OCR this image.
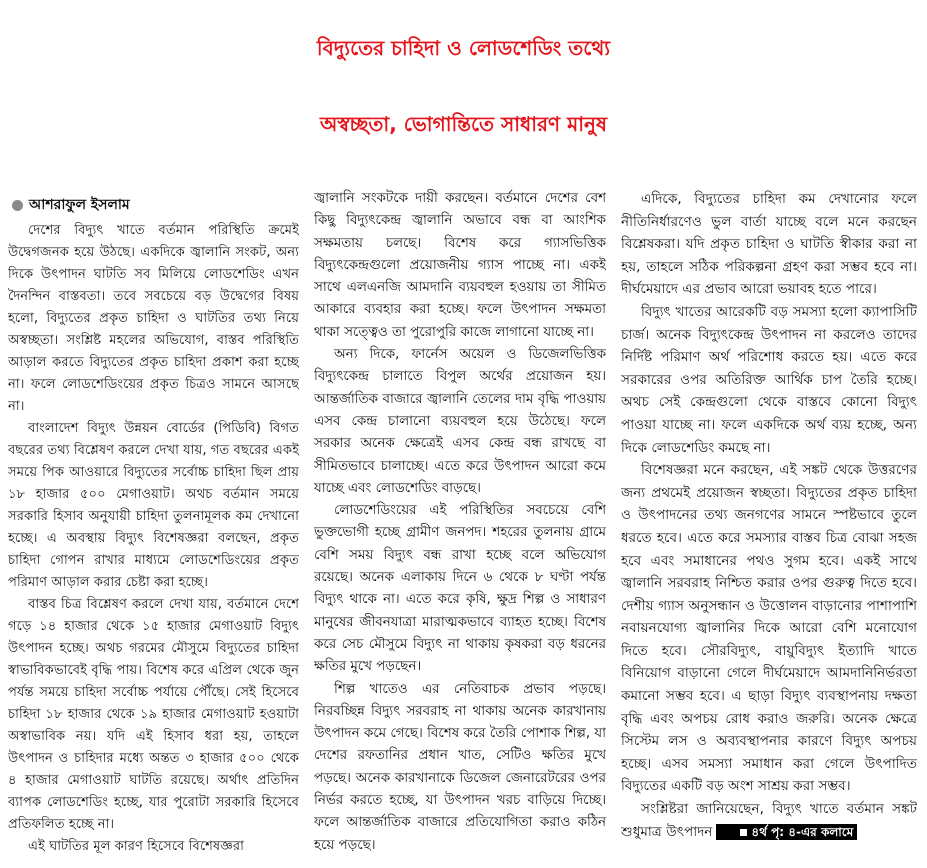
বিদ্যুতের চাহিদা ও লোডশেডিং তথ্যে
অস্বচ্ছতা, ভোগান্তিতে সাধারণ মানুষ
আশরাফুল ইসলাম

দেশের বিদ্যুৎ খাতে বর্তমান পরিস্থিতি ক্রমেই উদ্বেগজনক হয়ে উঠছে। একদিকে জ্বালানি সংকট, অন্য দিকে উৎপাদন ঘাটতি সব মিলিয়ে লোডশেডিং এখন দৈনন্দিন বাস্তবতা। তবে সবচেয়ে বড় উদ্বেগের বিষয় হলো, বিদ্যুতের প্রকৃত চাহিদা ও ঘাটতির তথ্য নিয়ে অস্বচ্ছতা। সংশ্লিষ্ট মহলের অভিযোগ, বাস্তব পরিস্থিতি আড়াল করতে বিদ্যুতের প্রকৃত চাহিদা প্রকাশ করা হচ্ছে না। ফলে লোডশেডিংয়ের প্রকৃত চিত্রও সামনে আসছে না।

বাংলাদেশ বিদ্যুৎ উন্নয়ন বোর্ডের (পিডিবি) বিগত বছরের তথ্য বিশ্লেষণ করলে দেখা যায়, গত বছরের একই সময়ে পিক আওয়ারে বিদ্যুতের সর্বোচ্চ চাহিদা ছিল প্রায় ১৮ হাজার ৫০০ মেগাওয়াট। অথচ বর্তমান সময়ে সরকারি হিসাব অনুযায়ী চাহিদা তুলনামূলক কম দেখানো হচ্ছে। এ অবস্থায় বিদ্যুৎ বিশেষজ্ঞরা বলছেন, প্রকৃত চাহিদা গোপন রাখার মাধ্যমে লোডশেডিংয়ের প্রকৃত পরিমাণ আড়াল করার চেষ্টা করা হচ্ছে।

বাস্তব চিত্র বিশ্লেষণ করলে দেখা যায়, বর্তমানে দেশে গড়ে ১৪ হাজার থেকে ১৫ হাজার মেগাওয়াট বিদ্যুৎ উৎপাদন হচ্ছে। অথচ গরমের মৌসুমে বিদ্যুতের চাহিদা স্বাভাবিকভাবেই বৃদ্ধি পায়। বিশেষ করে এপ্রিল থেকে জুন পর্যন্ত সময়ে চাহিদা সর্বোচ্চ পর্যায়ে পৌঁছে। সেই হিসেবে চাহিদা ১৮ হাজার থেকে ১৯ হাজার মেগাওয়াট হওয়াটা অস্বাভাবিক নয়। যদি এই হিসাব ধরা হয়, তাহলে উৎপাদন ও চাহিদার মধ্যে অন্তত ৩ হাজার ৫০০ থেকে ৪ হাজার মেগাওয়াট ঘাটতি রয়েছে। অর্থাৎ প্রতিদিন ব্যাপক লোডশেডিং হচ্ছে, যার পুরোটা সরকারি হিসেবে প্রতিফলিত হচ্ছে না।

এই ঘাটতির মূল কারণ হিসেবে বিশেষজ্ঞরা

জ্বালানি সংকটকে দায়ী করছেন। বর্তমানে দেশের বেশ কিছু বিদ্যুৎকেন্দ্র জ্বালানি অভাবে বন্ধ বা আংশিক সক্ষমতায় চলছে। বিশেষ করে গ্যাসভিত্তিক বিদ্যুৎকেন্দ্রগুলো প্রয়োজনীয় গ্যাস পাচ্ছে না। একই সাথে এলএনজি আমদানি ব্যয়বহুল হওয়ায় তা সীমিত আকারে ব্যবহার করা হচ্ছে। ফলে উৎপাদন সক্ষমতা থাকা সত্ত্বেও তা পুরোপুরি কাজে লাগানো যাচ্ছে না।

অন্য দিকে, ফার্নেস অয়েল ও ডিজেলভিত্তিক বিদ্যুৎকেন্দ্র চালাতে বিপুল অর্থের প্রয়োজন হয়। আন্তর্জাতিক বাজারে জ্বালানি তেলের দাম বৃদ্ধি পাওয়ায় এসব কেন্দ্র চালানো ব্যয়বহুল হয়ে উঠেছে। ফলে সরকার অনেক ক্ষেত্রেই এসব কেন্দ্র বন্ধ রাখছে বা সীমিতভাবে চালাচ্ছে। এতে করে উৎপাদন আরো কমে যাচ্ছে এবং লোডশেডিং বাড়ছে।

লোডশেডিংয়ের এই পরিস্থিতির সবচেয়ে বেশি ভুক্তভোগী হচ্ছে গ্রামীণ জনপদ। শহরের তুলনায় গ্রামে বেশি সময় বিদ্যুৎ বন্ধ রাখা হচ্ছে বলে অভিযোগ রয়েছে। অনেক এলাকায় দিনে ৬ থেকে ৮ ঘণ্টা পর্যন্ত বিদ্যুৎ থাকে না। এতে করে কৃষি, ক্ষুদ্র শিল্প ও সাধারণ মানুষের জীবনযাত্রা মারাত্মকভাবে ব্যাহত হচ্ছে। বিশেষ করে সেচ মৌসুমে বিদ্যুৎ না থাকায় কৃষকরা বড় ধরনের ক্ষতির মুখে পড়ছেন।

শিল্প খাতেও এর নেতিবাচক প্রভাব পড়ছে। নিরবচ্ছিন্ন বিদ্যুৎ সরবরাহ না থাকায় অনেক কারখানায় উৎপাদন কমে গেছে। বিশেষ করে তৈরি পোশাক শিল্প, যা দেশের রফতানির প্রধান খাত, সেটিও ক্ষতির মুখে পড়ছে। অনেক কারখানাকে ডিজেল জেনারেটরের ওপর নির্ভর করতে হচ্ছে, যা উৎপাদন খরচ বাড়িয়ে দিচ্ছে। ফলে আন্তর্জাতিক বাজারে প্রতিযোগিতা করাও কঠিন হয়ে পড়ছে।

এদিকে, বিদ্যুতের চাহিদা কম দেখানোর ফলে নীতিনির্ধারণেও ভুল বার্তা যাচ্ছে বলে মনে করছেন বিশ্লেষকরা। যদি প্রকৃত চাহিদা ও ঘাটতি স্বীকার করা না হয়, তাহলে সঠিক পরিকল্পনা গ্রহণ করা সম্ভব হবে না। দীর্ঘমেয়াদে এর প্রভাব আরো ভয়াবহ হতে পারে।

বিদ্যুৎ খাতের আরেকটি বড় সমস্যা হলো ক্যাপাসিটি চার্জ। অনেক বিদ্যুৎকেন্দ্র উৎপাদন না করলেও তাদের নির্দিষ্ট পরিমাণ অর্থ পরিশোধ করতে হয়। এতে করে সরকারের ওপর অতিরিক্ত আর্থিক চাপ তৈরি হচ্ছে। অথচ সেই কেন্দ্রগুলো থেকে বাস্তবে কোনো বিদ্যুৎ পাওয়া যাচ্ছে না। ফলে একদিকে অর্থ ব্যয় হচ্ছে, অন্য দিকে লোডশেডিং কমছে না।

বিশেষজ্ঞরা মনে করছেন, এই সঙ্কট থেকে উত্তরণের জন্য প্রথমেই প্রয়োজন স্বচ্ছতা। বিদ্যুতের প্রকৃত চাহিদা ও উৎপাদনের তথ্য জনগণের সামনে স্পষ্টভাবে তুলে ধরতে হবে। এতে করে সমস্যার বাস্তব চিত্র বোঝা সহজ হবে এবং সমাধানের পথও সুগম হবে। একই সাথে জ্বালানি সরবরাহ নিশ্চিত করার ওপর গুরুত্ব দিতে হবে। দেশীয় গ্যাস অনুসন্ধান ও উত্তোলন বাড়ানোর পাশাপাশি নবায়নযোগ্য জ্বালানির দিকে আরো বেশি মনোযোগ দিতে হবে। সৌরবিদ্যুৎ, বায়ুবিদ্যুৎ ইত্যাদি খাতে বিনিয়োগ বাড়ানো গেলে দীর্ঘমেয়াদে আমদানিনির্ভরতা কমানো সম্ভব হবে। এ ছাড়া বিদ্যুৎ ব্যবস্থাপনায় দক্ষতা বৃদ্ধি এবং অপচয় রোধ করাও জরুরি। অনেক ক্ষেত্রে সিস্টেম লস ও অব্যবস্থাপনার কারণে বিদ্যুৎ অপচয় হচ্ছে। এসব সমস্যা সমাধান করা গেলে উৎপাদিত বিদ্যুতের একটি বড় অংশ সাশ্রয় করা সম্ভব।

সংশ্লিষ্টরা জানিয়েছেন, বিদ্যুৎ খাতে বর্তমান সঙ্কট শুধুমাত্র উৎপাদন	৪র্থ পৃ: ৪-এর কলামে
